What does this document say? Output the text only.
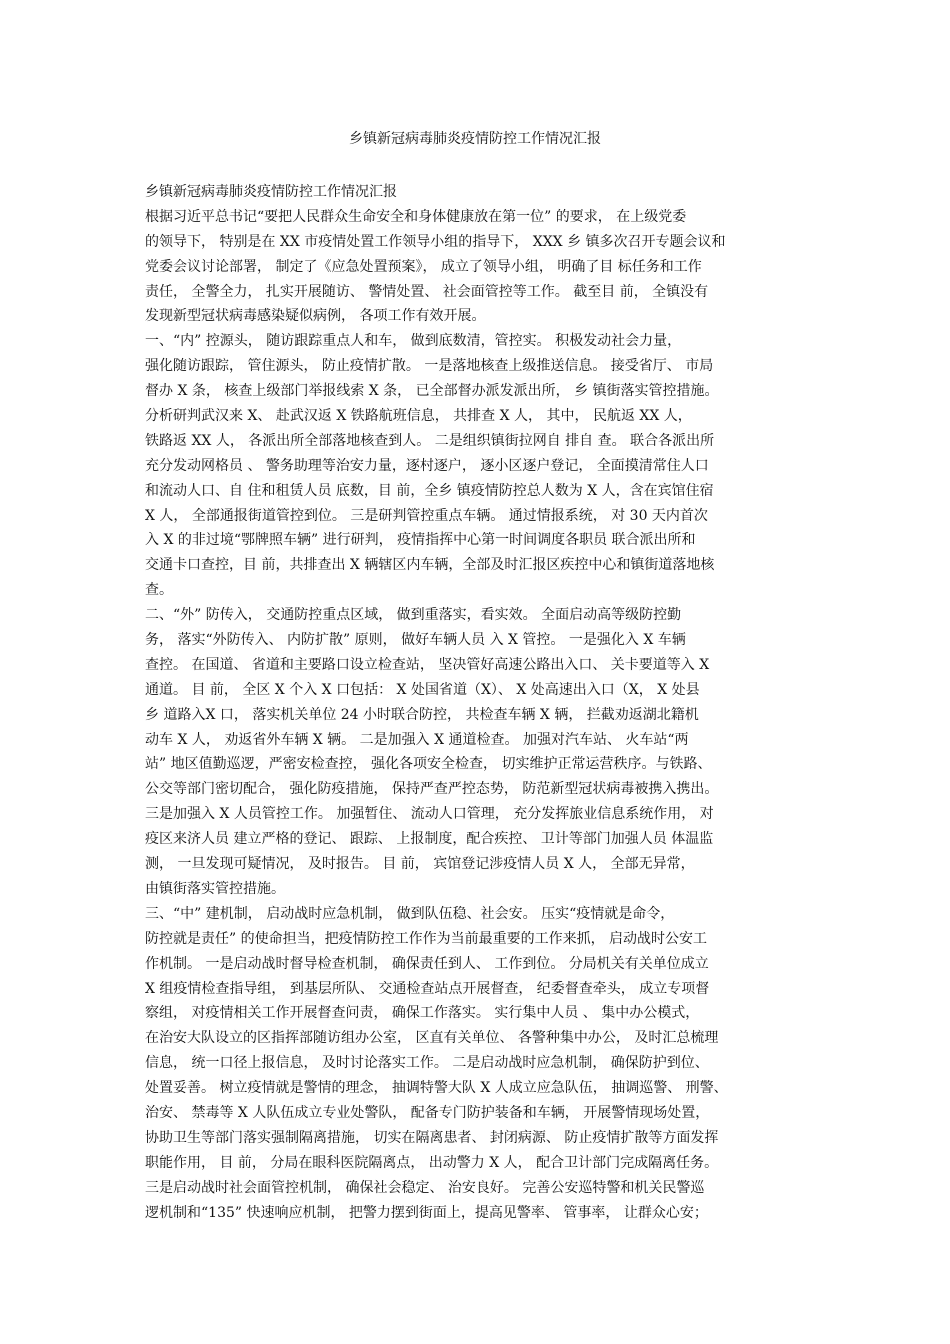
乡镇新冠病毒肺炎疫情防控工作情况汇报
乡镇新冠病毒肺炎疫情防控工作情况汇报
根据习近平总书记“要把人民群众生命安全和身体健康放在第一位” 的要求， 在上级党委
的领导下， 特别是在 XX 市疫情处置工作领导小组的指导下， XXX 乡 镇多次召开专题会议和
党委会议讨论部署， 制定了《应急处置预案》， 成立了领导小组， 明确了目 标任务和工作
责任， 全警全力， 扎实开展随访、 警情处置、 社会面管控等工作。 截至目 前， 全镇没有
发现新型冠状病毒感染疑似病例， 各项工作有效开展。
一、“内” 控源头， 随访跟踪重点人和车， 做到底数清，管控实。 积极发动社会力量，
强化随访跟踪， 管住源头， 防止疫情扩散。 一是落地核查上级推送信息。 接受省厅、 市局
督办 X 条， 核查上级部门举报线索 X 条， 已全部督办派发派出所， 乡 镇街落实管控措施。
分析研判武汉来 X、 赴武汉返 X 铁路航班信息， 共排查 X 人， 其中， 民航返 XX 人，
铁路返 XX 人， 各派出所全部落地核查到人。 二是组织镇街拉网自 排自 查。 联合各派出所
充分发动网格员 、 警务助理等治安力量，逐村逐户， 逐小区逐户登记， 全面摸清常住人口
和流动人口、自 住和租赁人员 底数，目 前，全乡 镇疫情防控总人数为 X 人，含在宾馆住宿
X 人， 全部通报街道管控到位。 三是研判管控重点车辆。 通过情报系统， 对 30 天内首次
入 X 的非过境“鄂牌照车辆” 进行研判， 疫情指挥中心第一时间调度各职员 联合派出所和
交通卡口查控，目 前，共排查出 X 辆辖区内车辆，全部及时汇报区疾控中心和镇街道落地核
查。
二、“外” 防传入， 交通防控重点区域， 做到重落实，看实效。 全面启动高等级防控勤
务， 落实“外防传入、 内防扩散” 原则， 做好车辆人员 入 X 管控。 一是强化入 X 车辆
查控。 在国道、 省道和主要路口设立检查站， 坚决管好高速公路出入口、 关卡要道等入 X
通道。 目 前， 全区 X 个入 X 口包括： X 处国省道（X）、 X 处高速出入口（X， X 处县
乡 道路入X 口， 落实机关单位 24 小时联合防控， 共检查车辆 X 辆， 拦截劝返湖北籍机
动车 X 人， 劝返省外车辆 X 辆。 二是加强入 X 通道检查。 加强对汽车站、 火车站“两
站” 地区值勤巡逻，严密安检查控， 强化各项安全检查， 切实维护正常运营秩序。与铁路、
公交等部门密切配合， 强化防疫措施， 保持严查严控态势， 防范新型冠状病毒被携入携出。
三是加强入 X 人员管控工作。 加强暂住、 流动人口管理， 充分发挥旅业信息系统作用， 对
疫区来济人员 建立严格的登记、 跟踪、 上报制度，配合疾控、 卫计等部门加强人员 体温监
测， 一旦发现可疑情况， 及时报告。 目 前， 宾馆登记涉疫情人员 X 人， 全部无异常，
由镇街落实管控措施。
三、“中” 建机制， 启动战时应急机制， 做到队伍稳、社会安。 压实“疫情就是命令，
防控就是责任” 的使命担当，把疫情防控工作作为当前最重要的工作来抓， 启动战时公安工
作机制。 一是启动战时督导检查机制， 确保责任到人、 工作到位。 分局机关有关单位成立
X 组疫情检查指导组， 到基层所队、 交通检查站点开展督查， 纪委督查牵头， 成立专项督
察组， 对疫情相关工作开展督查问责， 确保工作落实。 实行集中人员 、 集中办公模式，
在治安大队设立的区指挥部随访组办公室， 区直有关单位、 各警种集中办公， 及时汇总梳理
信息， 统一口径上报信息， 及时讨论落实工作。 二是启动战时应急机制， 确保防护到位、
处置妥善。 树立疫情就是警情的理念， 抽调特警大队 X 人成立应急队伍， 抽调巡警、 刑警、
治安、 禁毒等 X 人队伍成立专业处警队， 配备专门防护装备和车辆， 开展警情现场处置，
协助卫生等部门落实强制隔离措施， 切实在隔离患者、 封闭病源、 防止疫情扩散等方面发挥
职能作用， 目 前， 分局在眼科医院隔离点， 出动警力 X 人， 配合卫计部门完成隔离任务。
三是启动战时社会面管控机制， 确保社会稳定、 治安良好。 完善公安巡特警和机关民警巡
逻机制和“135” 快速响应机制， 把警力摆到街面上，提高见警率、 管事率， 让群众心安；
